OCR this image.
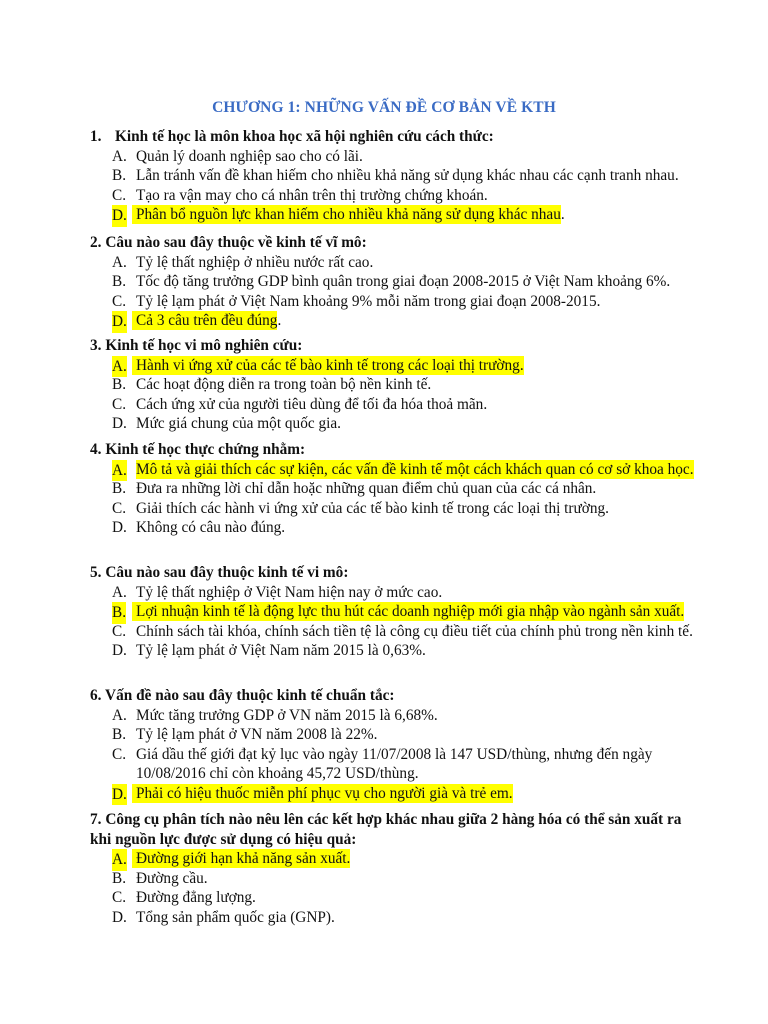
CHƯƠNG 1: NHỮNG VẤN ĐỀ CƠ BẢN VỀ KTH
1. Kinh tế học là môn khoa học xã hội nghiên cứu cách thức:
A. Quản lý doanh nghiệp sao cho có lãi.
B. Lẫn tránh vấn đề khan hiếm cho nhiều khả năng sử dụng khác nhau các cạnh tranh nhau.
C. Tạo ra vận may cho cá nhân trên thị trường chứng khoán.
D. Phân bổ nguồn lực khan hiếm cho nhiều khả năng sử dụng khác nhau.
2. Câu nào sau đây thuộc về kinh tế vĩ mô:
A. Tỷ lệ thất nghiệp ở nhiều nước rất cao.
B. Tốc độ tăng trưởng GDP bình quân trong giai đoạn 2008-2015 ở Việt Nam khoảng 6%.
C. Tỷ lệ lạm phát ở Việt Nam khoảng 9% mỗi năm trong giai đoạn 2008-2015.
D. Cả 3 câu trên đều đúng.
3. Kinh tế học vi mô nghiên cứu:
A. Hành vi ứng xử của các tế bào kinh tế trong các loại thị trường.
B. Các hoạt động diễn ra trong toàn bộ nền kinh tế.
C. Cách ứng xử của người tiêu dùng để tối đa hóa thoả mãn.
D. Mức giá chung của một quốc gia.
4. Kinh tế học thực chứng nhằm:
A. Mô tả và giải thích các sự kiện, các vấn đề kinh tế một cách khách quan có cơ sở khoa học.
B. Đưa ra những lời chỉ dẫn hoặc những quan điểm chủ quan của các cá nhân.
C. Giải thích các hành vi ứng xử của các tế bào kinh tế trong các loại thị trường.
D. Không có câu nào đúng.
5. Câu nào sau đây thuộc kinh tế vi mô:
A. Tỷ lệ thất nghiệp ở Việt Nam hiện nay ở mức cao.
B. Lợi nhuận kinh tế là động lực thu hút các doanh nghiệp mới gia nhập vào ngành sản xuất.
C. Chính sách tài khóa, chính sách tiền tệ là công cụ điều tiết của chính phủ trong nền kinh tế.
D. Tỷ lệ lạm phát ở Việt Nam năm 2015 là 0,63%.
6. Vấn đề nào sau đây thuộc kinh tế chuẩn tắc:
A. Mức tăng trưởng GDP ở VN năm 2015 là 6,68%.
B. Tỷ lệ lạm phát ở VN năm 2008 là 22%.
C. Giá dầu thế giới đạt kỷ lục vào ngày 11/07/2008 là 147 USD/thùng, nhưng đến ngày 10/08/2016 chỉ còn khoảng 45,72 USD/thùng.
D. Phải có hiệu thuốc miễn phí phục vụ cho người già và trẻ em.
7. Công cụ phân tích nào nêu lên các kết hợp khác nhau giữa 2 hàng hóa có thể sản xuất ra khi nguồn lực được sử dụng có hiệu quả:
A. Đường giới hạn khả năng sản xuất.
B. Đường cầu.
C. Đường đẳng lượng.
D. Tổng sản phẩm quốc gia (GNP).
